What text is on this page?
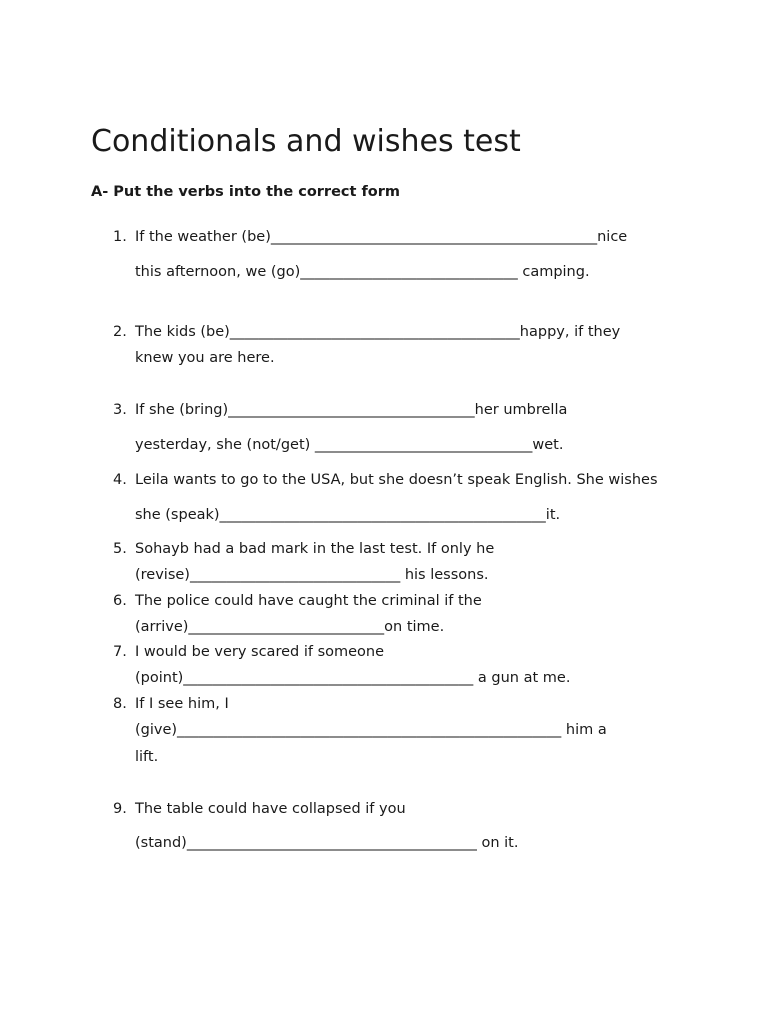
Conditionals and wishes test
A- Put the verbs into the correct form
1. If the weather (be)_____________________________________________nice
this afternoon, we (go)______________________________ camping.
2. The kids (be)________________________________________happy, if they
knew you are here.
3. If she (bring)__________________________________her umbrella
yesterday, she (not/get) ______________________________wet.
4. Leila wants to go to the USA, but she doesn’t speak English. She wishes
she (speak)_____________________________________________it.
5. Sohayb had a bad mark in the last test. If only he
(revise)_____________________________ his lessons.
6. The police could have caught the criminal if the
(arrive)___________________________on time.
7. I would be very scared if someone
(point)________________________________________ a gun at me.
8. If I see him, I
(give)_____________________________________________________ him a
lift.
9. The table could have collapsed if you
(stand)________________________________________ on it.
